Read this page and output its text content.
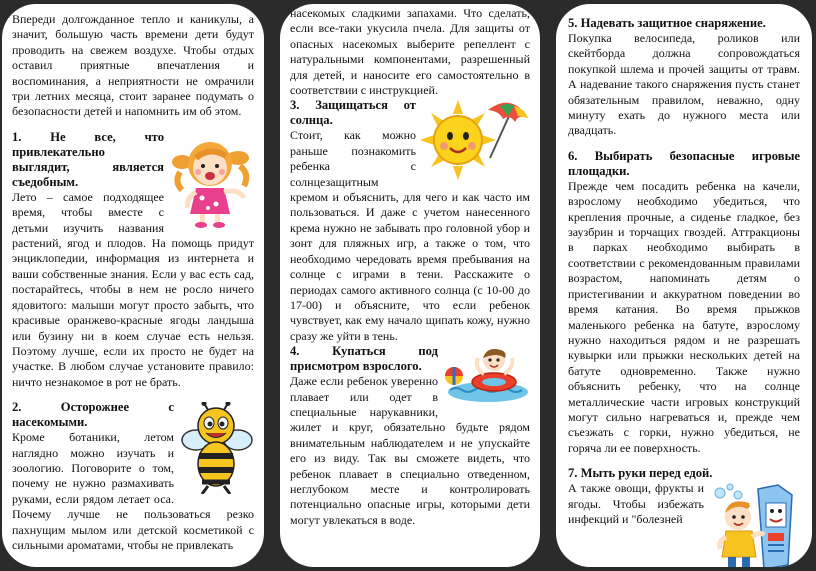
Впереди долгожданное тепло и каникулы, а значит, большую часть времени дети будут проводить на свежем воздухе. Чтобы отдых оставил приятные впечатления и воспоминания, а неприятности не омрачили три летних месяца, стоит заранее подумать о безопасности детей и напомнить им об этом.

1. Не все, что привлекательно выглядит, является съедобным.

Лето – самое подходящее время, чтобы вместе с детьми изучить названия растений, ягод и плодов. На помощь придут энциклопедии, информация из интернета и ваши собственные знания. Если у вас есть сад, постарайтесь, чтобы в нем не росло ничего ядовитого: малыши могут просто забыть, что красивые оранжево-красные ягоды ландыша или бузину ни в коем случае есть нельзя. Поэтому лучше, если их просто не будет на участке. В любом случае установите правило: ничто незнакомое в рот не брать.

2. Осторожнее с насекомыми.

Кроме ботаники, летом наглядно можно изучать и зоологию. Поговорите о том, почему не нужно размахивать руками, если рядом летает оса. Почему лучше не пользоваться резко пахнущим мылом или детской косметикой с сильными ароматами, чтобы не привлекать

насекомых сладкими запахами. Что сделать, если все-таки укусила пчела. Для защиты от опасных насекомых выберите репеллент с натуральными компонентами, разрешенный для детей, и наносите его самостоятельно в соответствии с инструкцией.

3. Защищаться от солнца.

Стоит, как можно раньше познакомить ребенка с солнцезащитным кремом и объяснить, для чего и как часто им пользоваться. И даже с учетом нанесенного крема нужно не забывать про головной убор и зонт для пляжных игр, а также о том, что необходимо чередовать время пребывания на солнце с играми в тени. Расскажите о периодах самого активного солнца (с 10-00 до 17-00) и объясните, что если ребенок чувствует, как ему начало щипать кожу, нужно сразу же уйти в тень.

4. Купаться под присмотром взрослого.

Даже если ребенок уверенно плавает или одет в специальные нарукавники, жилет и круг, обязательно будьте рядом внимательным наблюдателем и не упускайте его из виду. Так вы сможете видеть, что ребенок плавает в специально отведенном, неглубоком месте и контролировать потенциально опасные игры, которыми дети могут увлекаться в воде.

5. Надевать защитное снаряжение.

Покупка велосипеда, роликов или скейтборда должна сопровождаться покупкой шлема и прочей защиты от травм. А надевание такого снаряжения пусть станет обязательным правилом, неважно, одну минуту ехать до нужного места или двадцать.

6. Выбирать безопасные игровые площадки.

Прежде чем посадить ребенка на качели, взрослому необходимо убедиться, что крепления прочные, а сиденье гладкое, без заузбрин и торчащих гвоздей. Аттракционы в парках необходимо выбирать в соответствии с рекомендованным правилами возрастом, напоминать детям о пристегивании и аккуратном поведении во время катания. Во время прыжков маленького ребенка на батуте, взрослому нужно находиться рядом и не разрешать кувырки или прыжки нескольких детей на батуте одновременно. Также нужно объяснить ребенку, что на солнце металлические части игровых конструкций могут сильно нагреваться и, прежде чем съезжать с горки, нужно убедиться, не горяча ли ее поверхность.

7. Мыть руки перед едой.

А также овощи, фрукты и ягоды. Чтобы избежать инфекций и "болезней
